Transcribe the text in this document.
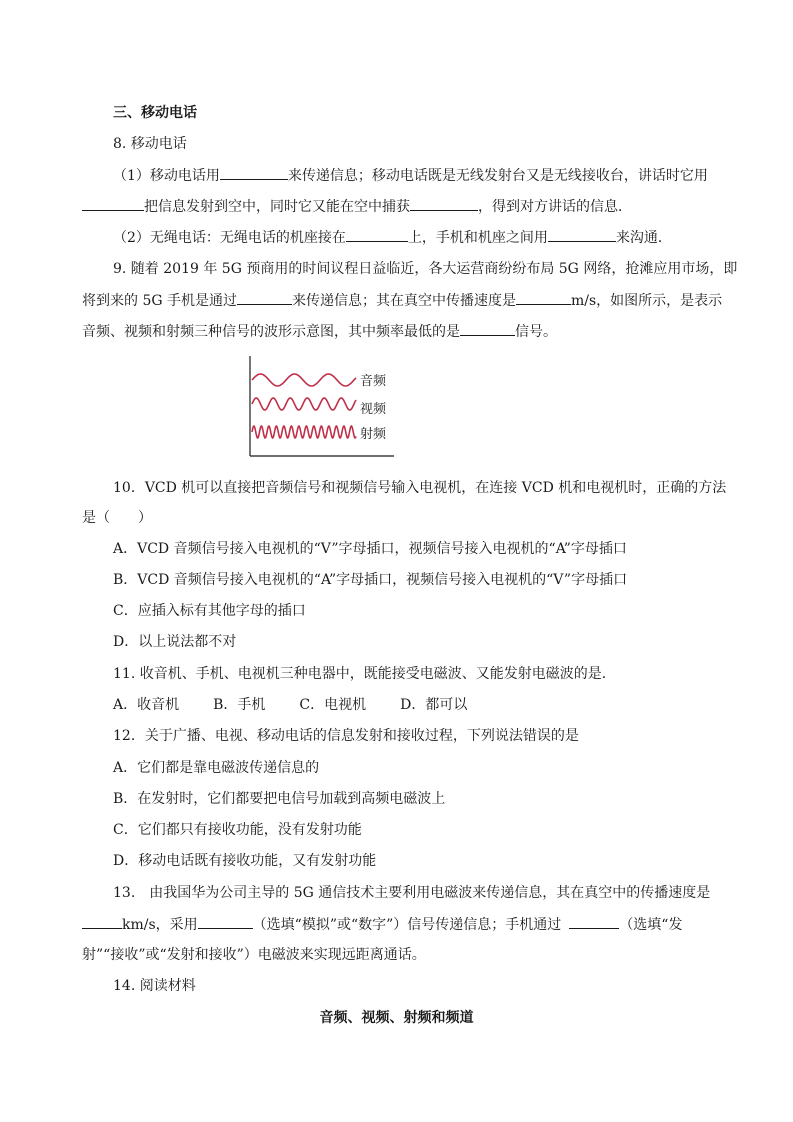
三、移动电话
8. 移动电话
（1）移动电话用	来传递信息；移动电话既是无线发射台又是无线接收台，讲话时它用
把信息发射到空中，同时它又能在空中捕获	，得到对方讲话的信息．
（2）无绳电话：无绳电话的机座接在	上，手机和机座之间用	来沟通．
9. 随着 2019 年 5G 预商用的时间议程日益临近，各大运营商纷纷布局 5G 网络，抢滩应用市场，即
将到来的 5G 手机是通过	来传递信息；其在真空中传播速度是	m/s，如图所示，是表示
音频、视频和射频三种信号的波形示意图，其中频率最低的是	信号。
音频
视频
射频
10．VCD 机可以直接把音频信号和视频信号输入电视机，在连接 VCD 机和电视机时，正确的方法
是（　　）
A．VCD 音频信号接入电视机的“V”字母插口，视频信号接入电视机的“A”字母插口
B．VCD 音频信号接入电视机的“A”字母插口，视频信号接入电视机的“V”字母插口
C．应插入标有其他字母的插口
D．以上说法都不对
11. 收音机、手机、电视机三种电器中，既能接受电磁波、又能发射电磁波的是.
A．收音机 B．手机 C．电视机 D．都可以
12．关于广播、电视、移动电话的信息发射和接收过程，下列说法错误的是
A．它们都是靠电磁波传递信息的
B．在发射时，它们都要把电信号加载到高频电磁波上
C．它们都只有接收功能，没有发射功能
D．移动电话既有接收功能，又有发射功能
13.　由我国华为公司主导的 5G 通信技术主要利用电磁波来传递信息，其在真空中的传播速度是
km/s，采用	（选填“模拟”或“数字”）信号传递信息；手机通过	（选填“发
射”“接收”或“发射和接收”）电磁波来实现远距离通话。
14. 阅读材料
音频、视频、射频和频道
